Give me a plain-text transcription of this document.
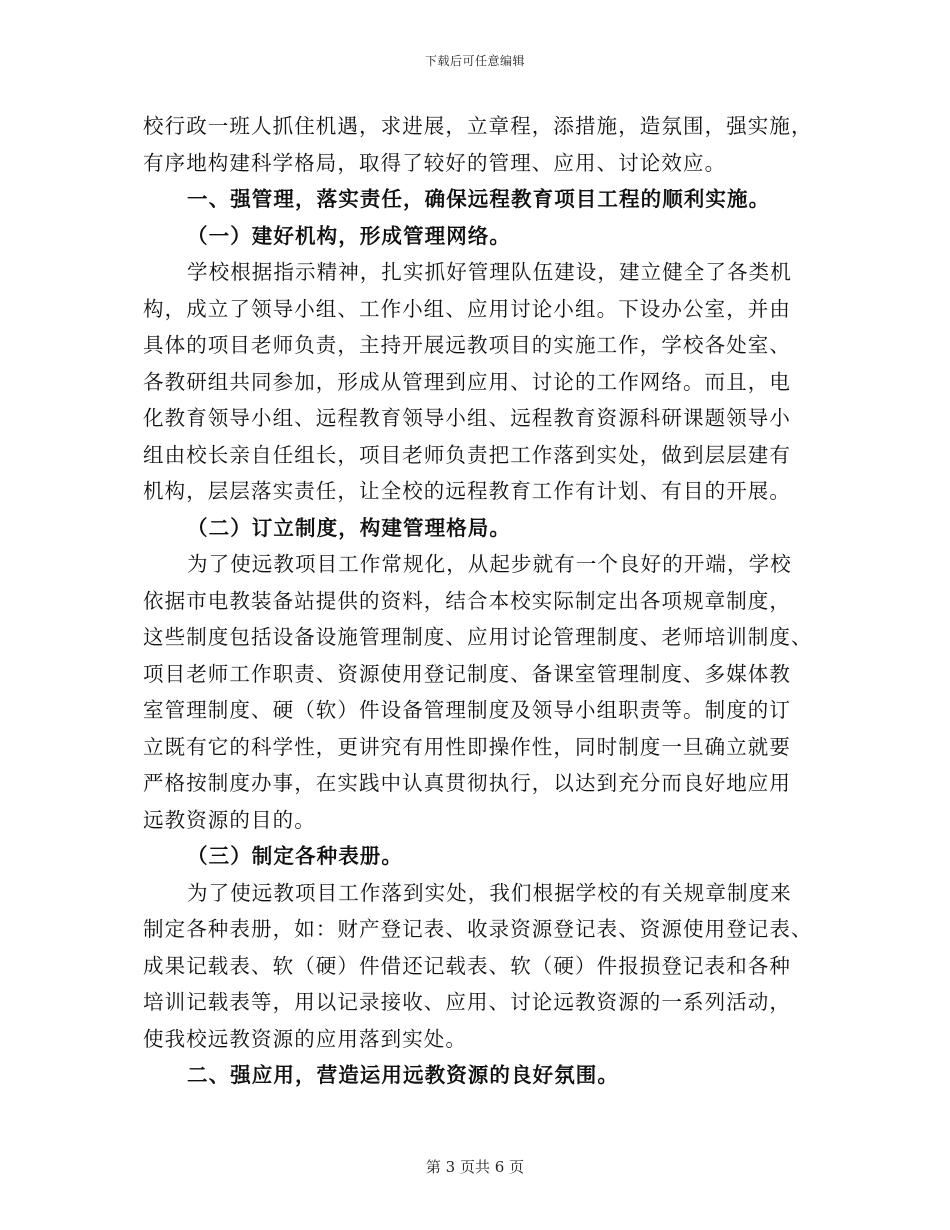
下载后可任意编辑
校行政一班人抓住机遇，求进展，立章程，添措施，造氛围，强实施，
有序地构建科学格局，取得了较好的管理、应用、讨论效应。
一、强管理，落实责任，确保远程教育项目工程的顺利实施。
（一）建好机构，形成管理网络。
学校根据指示精神，扎实抓好管理队伍建设，建立健全了各类机
构，成立了领导小组、工作小组、应用讨论小组。下设办公室，并由
具体的项目老师负责，主持开展远教项目的实施工作，学校各处室、
各教研组共同参加，形成从管理到应用、讨论的工作网络。而且，电
化教育领导小组、远程教育领导小组、远程教育资源科研课题领导小
组由校长亲自任组长，项目老师负责把工作落到实处，做到层层建有
机构，层层落实责任，让全校的远程教育工作有计划、有目的开展。
（二）订立制度，构建管理格局。
为了使远教项目工作常规化，从起步就有一个良好的开端，学校
依据市电教装备站提供的资料，结合本校实际制定出各项规章制度，
这些制度包括设备设施管理制度、应用讨论管理制度、老师培训制度、
项目老师工作职责、资源使用登记制度、备课室管理制度、多媒体教
室管理制度、硬（软）件设备管理制度及领导小组职责等。制度的订
立既有它的科学性，更讲究有用性即操作性，同时制度一旦确立就要
严格按制度办事，在实践中认真贯彻执行，以达到充分而良好地应用
远教资源的目的。
（三）制定各种表册。
为了使远教项目工作落到实处，我们根据学校的有关规章制度来
制定各种表册，如：财产登记表、收录资源登记表、资源使用登记表、
成果记载表、软（硬）件借还记载表、软（硬）件报损登记表和各种
培训记载表等，用以记录接收、应用、讨论远教资源的一系列活动，
使我校远教资源的应用落到实处。
二、强应用，营造运用远教资源的良好氛围。
第 3 页共 6 页
